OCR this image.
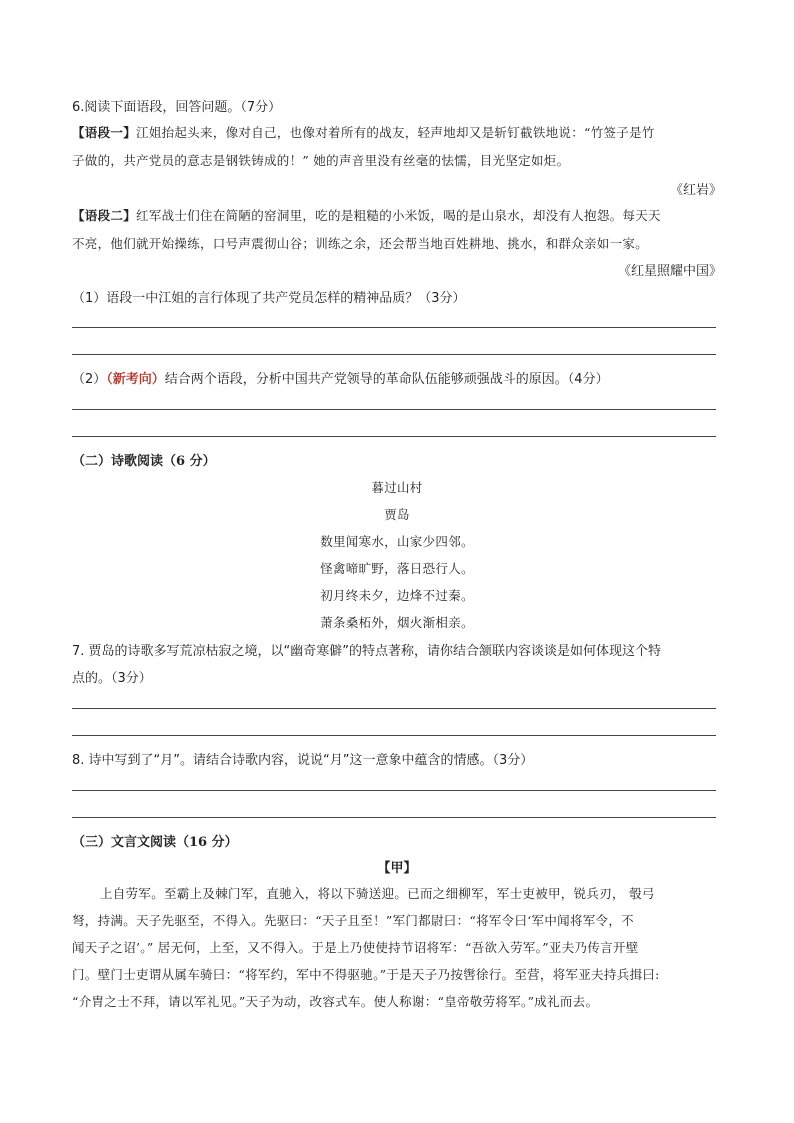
6.阅读下面语段，回答问题。（7分）
【语段一】江姐抬起头来，像对自己，也像对着所有的战友，轻声地却又是斩钉截铁地说：“竹签子是竹
子做的，共产党员的意志是钢铁铸成的！” 她的声音里没有丝毫的怯懦，目光坚定如炬。
《红岩》
【语段二】红军战士们住在简陋的窑洞里，吃的是粗糙的小米饭，喝的是山泉水，却没有人抱怨。每天天
不亮，他们就开始操练，口号声震彻山谷；训练之余，还会帮当地百姓耕地、挑水，和群众亲如一家。
《红星照耀中国》
（1）语段一中江姐的言行体现了共产党员怎样的精神品质？（3分）
（2）（新考向）结合两个语段，分析中国共产党领导的革命队伍能够顽强战斗的原因。（4分）
（二）诗歌阅读（6 分）
暮过山村
贾岛
数里闻寒水，山家少四邻。
怪禽啼旷野，落日恐行人。
初月终未夕，边烽不过秦。
萧条桑柘外，烟火渐相亲。
7. 贾岛的诗歌多写荒凉枯寂之境，以“幽奇寒僻”的特点著称，请你结合颔联内容谈谈是如何体现这个特
点的。（3分）
8. 诗中写到了“月”。请结合诗歌内容，说说“月”这一意象中蕴含的情感。（3分）
（三）文言文阅读（16 分）
【甲】
上自劳军。至霸上及棘门军，直驰入，将以下骑送迎。已而之细柳军，军士吏被甲，锐兵刃， 彀弓
弩，持满。天子先驱至，不得入。先驱曰：“天子且至！”军门都尉曰：“将军令曰‘军中闻将军令，不
闻天子之诏’。” 居无何，上至，又不得入。于是上乃使使持节诏将军：“吾欲入劳军。”亚夫乃传言开壁
门。壁门士吏谓从属车骑曰：“将军约，军中不得驱驰。”于是天子乃按辔徐行。至营，将军亚夫持兵揖曰:
“介胄之士不拜，请以军礼见。”天子为动，改容式车。使人称谢：“皇帝敬劳将军。”成礼而去。
